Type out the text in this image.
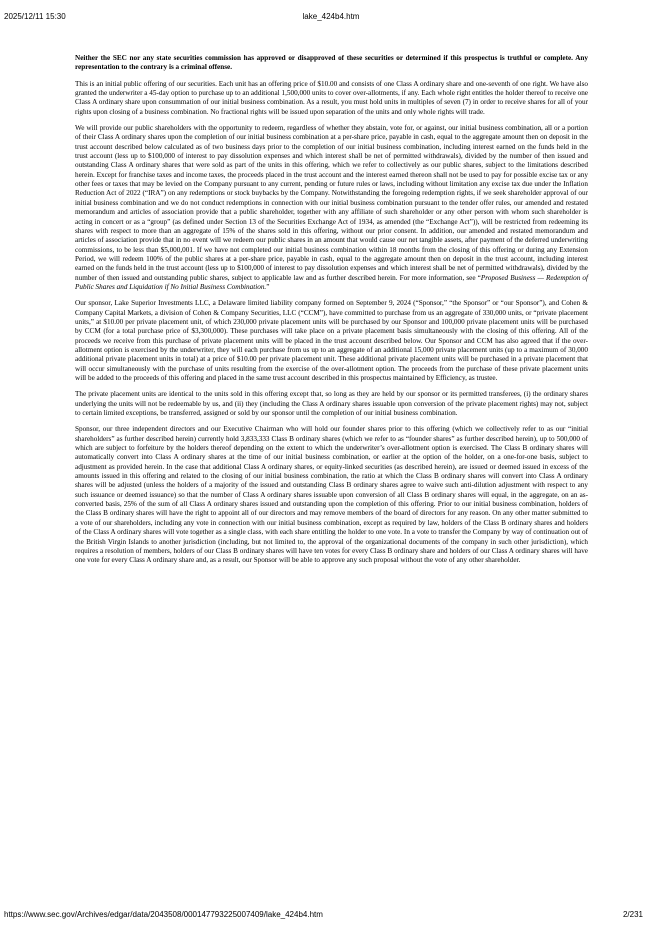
2025/12/11 15:30	lake_424b4.htm

Neither the SEC nor any state securities commission has approved or disapproved of these securities or determined if this prospectus is truthful or complete. Any representation to the contrary is a criminal offense.

This is an initial public offering of our securities. Each unit has an offering price of $10.00 and consists of one Class A ordinary share and one-seventh of one right. We have also granted the underwriter a 45-day option to purchase up to an additional 1,500,000 units to cover over-allotments, if any. Each whole right entitles the holder thereof to receive one Class A ordinary share upon consummation of our initial business combination. As a result, you must hold units in multiples of seven (7) in order to receive shares for all of your rights upon closing of a business combination. No fractional rights will be issued upon separation of the units and only whole rights will trade.

We will provide our public shareholders with the opportunity to redeem, regardless of whether they abstain, vote for, or against, our initial business combination, all or a portion of their Class A ordinary shares upon the completion of our initial business combination at a per-share price, payable in cash, equal to the aggregate amount then on deposit in the trust account described below calculated as of two business days prior to the completion of our initial business combination, including interest earned on the funds held in the trust account (less up to $100,000 of interest to pay dissolution expenses and which interest shall be net of permitted withdrawals), divided by the number of then issued and outstanding Class A ordinary shares that were sold as part of the units in this offering, which we refer to collectively as our public shares, subject to the limitations described herein. Except for franchise taxes and income taxes, the proceeds placed in the trust account and the interest earned thereon shall not be used to pay for possible excise tax or any other fees or taxes that may be levied on the Company pursuant to any current, pending or future rules or laws, including without limitation any excise tax due under the Inflation Reduction Act of 2022 (“IRA”) on any redemptions or stock buybacks by the Company. Notwithstanding the foregoing redemption rights, if we seek shareholder approval of our initial business combination and we do not conduct redemptions in connection with our initial business combination pursuant to the tender offer rules, our amended and restated memorandum and articles of association provide that a public shareholder, together with any affiliate of such shareholder or any other person with whom such shareholder is acting in concert or as a “group” (as defined under Section 13 of the Securities Exchange Act of 1934, as amended (the “Exchange Act”)), will be restricted from redeeming its shares with respect to more than an aggregate of 15% of the shares sold in this offering, without our prior consent. In addition, our amended and restated memorandum and articles of association provide that in no event will we redeem our public shares in an amount that would cause our net tangible assets, after payment of the deferred underwriting commissions, to be less than $5,000,001. If we have not completed our initial business combination within 18 months from the closing of this offering or during any Extension Period, we will redeem 100% of the public shares at a per-share price, payable in cash, equal to the aggregate amount then on deposit in the trust account, including interest earned on the funds held in the trust account (less up to $100,000 of interest to pay dissolution expenses and which interest shall be net of permitted withdrawals), divided by the number of then issued and outstanding public shares, subject to applicable law and as further described herein. For more information, see “Proposed Business — Redemption of Public Shares and Liquidation if No Initial Business Combination.”

Our sponsor, Lake Superior Investments LLC, a Delaware limited liability company formed on September 9, 2024 (“Sponsor,” “the Sponsor” or “our Sponsor”), and Cohen & Company Capital Markets, a division of Cohen & Company Securities, LLC (“CCM”), have committed to purchase from us an aggregate of 330,000 units, or “private placement units,” at $10.00 per private placement unit, of which 230,000 private placement units will be purchased by our Sponsor and 100,000 private placement units will be purchased by CCM (for a total purchase price of $3,300,000). These purchases will take place on a private placement basis simultaneously with the closing of this offering. All of the proceeds we receive from this purchase of private placement units will be placed in the trust account described below. Our Sponsor and CCM has also agreed that if the over-allotment option is exercised by the underwriter, they will each purchase from us up to an aggregate of an additional 15,000 private placement units (up to a maximum of 30,000 additional private placement units in total) at a price of $10.00 per private placement unit. These additional private placement units will be purchased in a private placement that will occur simultaneously with the purchase of units resulting from the exercise of the over-allotment option. The proceeds from the purchase of these private placement units will be added to the proceeds of this offering and placed in the same trust account described in this prospectus maintained by Efficiency, as trustee.

The private placement units are identical to the units sold in this offering except that, so long as they are held by our sponsor or its permitted transferees, (i) the ordinary shares underlying the units will not be redeemable by us, and (ii) they (including the Class A ordinary shares issuable upon conversion of the private placement rights) may not, subject to certain limited exceptions, be transferred, assigned or sold by our sponsor until the completion of our initial business combination.

Sponsor, our three independent directors and our Executive Chairman who will hold our founder shares prior to this offering (which we collectively refer to as our “initial shareholders” as further described herein) currently hold 3,833,333 Class B ordinary shares (which we refer to as “founder shares” as further described herein), up to 500,000 of which are subject to forfeiture by the holders thereof depending on the extent to which the underwriter’s over-allotment option is exercised. The Class B ordinary shares will automatically convert into Class A ordinary shares at the time of our initial business combination, or earlier at the option of the holder, on a one-for-one basis, subject to adjustment as provided herein. In the case that additional Class A ordinary shares, or equity-linked securities (as described herein), are issued or deemed issued in excess of the amounts issued in this offering and related to the closing of our initial business combination, the ratio at which the Class B ordinary shares will convert into Class A ordinary shares will be adjusted (unless the holders of a majority of the issued and outstanding Class B ordinary shares agree to waive such anti-dilution adjustment with respect to any such issuance or deemed issuance) so that the number of Class A ordinary shares issuable upon conversion of all Class B ordinary shares will equal, in the aggregate, on an as-converted basis, 25% of the sum of all Class A ordinary shares issued and outstanding upon the completion of this offering. Prior to our initial business combination, holders of the Class B ordinary shares will have the right to appoint all of our directors and may remove members of the board of directors for any reason. On any other matter submitted to a vote of our shareholders, including any vote in connection with our initial business combination, except as required by law, holders of the Class B ordinary shares and holders of the Class A ordinary shares will vote together as a single class, with each share entitling the holder to one vote. In a vote to transfer the Company by way of continuation out of the British Virgin Islands to another jurisdiction (including, but not limited to, the approval of the organizational documents of the company in such other jurisdiction), which requires a resolution of members, holders of our Class B ordinary shares will have ten votes for every Class B ordinary share and holders of our Class A ordinary shares will have one vote for every Class A ordinary share and, as a result, our Sponsor will be able to approve any such proposal without the vote of any other shareholder.

https://www.sec.gov/Archives/edgar/data/2043508/000147793225007409/lake_424b4.htm	2/231
